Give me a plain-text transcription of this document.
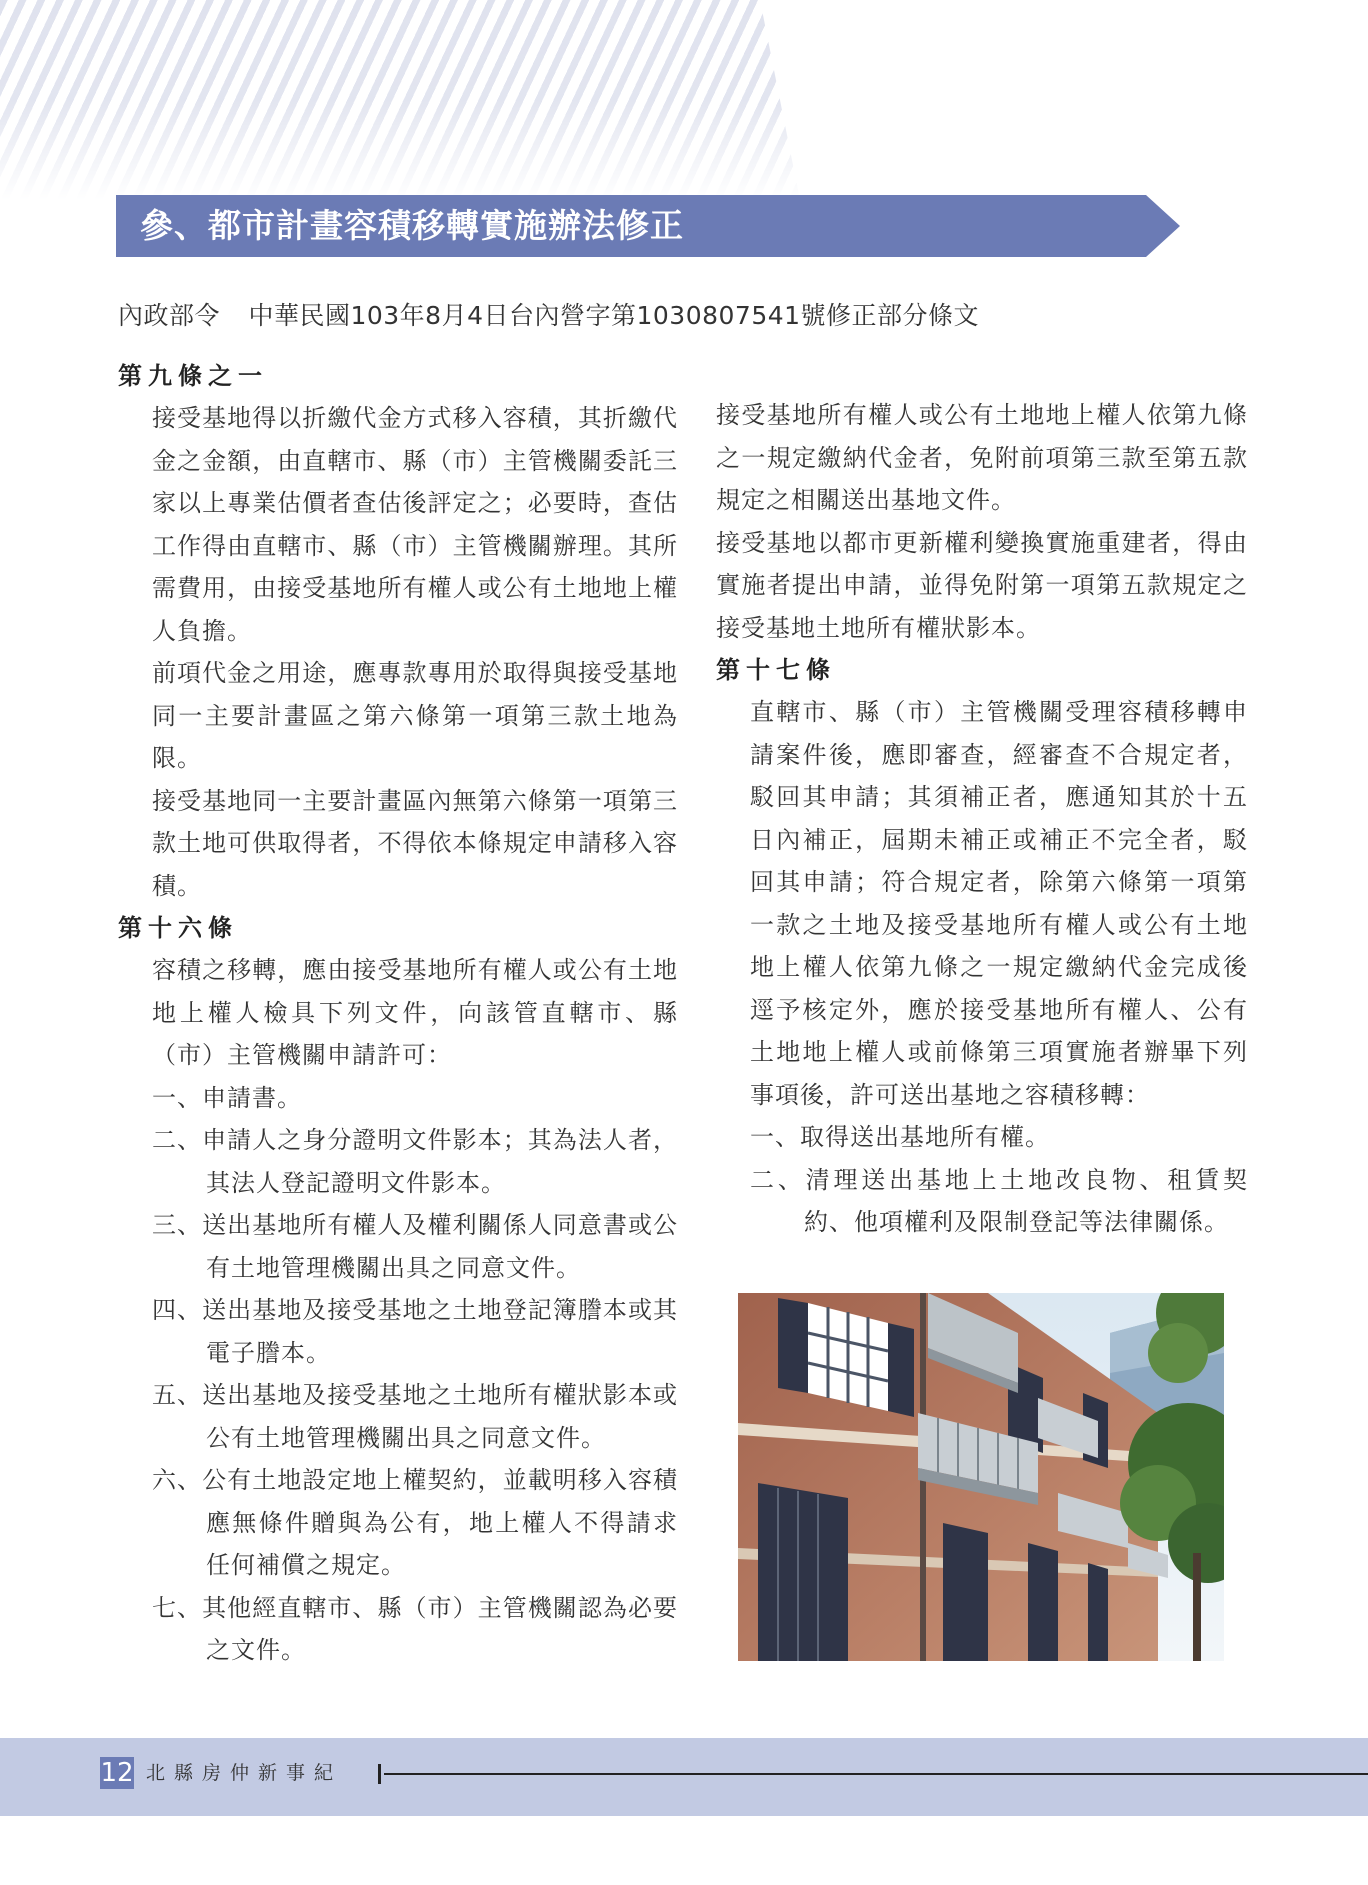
參、都市計畫容積移轉實施辦法修正
內政部令 中華民國103年8月4日台內營字第1030807541號修正部分條文
第九條之一

接受基地得以折繳代金方式移入容積，其折繳代金之金額，由直轄市、縣（市）主管機關委託三家以上專業估價者查估後評定之；必要時，查估工作得由直轄市、縣（市）主管機關辦理。其所需費用，由接受基地所有權人或公有土地地上權人負擔。

前項代金之用途，應專款專用於取得與接受基地同一主要計畫區之第六條第一項第三款土地為限。

接受基地同一主要計畫區內無第六條第一項第三款土地可供取得者，不得依本條規定申請移入容積。

第十六條

容積之移轉，應由接受基地所有權人或公有土地地上權人檢具下列文件，向該管直轄市、縣（市）主管機關申請許可：

一、申請書。

二、申請人之身分證明文件影本；其為法人者，其法人登記證明文件影本。

三、送出基地所有權人及權利關係人同意書或公有土地管理機關出具之同意文件。

四、送出基地及接受基地之土地登記簿謄本或其電子謄本。

五、送出基地及接受基地之土地所有權狀影本或公有土地管理機關出具之同意文件。

六、公有土地設定地上權契約，並載明移入容積應無條件贈與為公有，地上權人不得請求任何補償之規定。

七、其他經直轄市、縣（市）主管機關認為必要之文件。

接受基地所有權人或公有土地地上權人依第九條之一規定繳納代金者，免附前項第三款至第五款規定之相關送出基地文件。

接受基地以都市更新權利變換實施重建者，得由實施者提出申請，並得免附第一項第五款規定之接受基地土地所有權狀影本。

第十七條

直轄市、縣（市）主管機關受理容積移轉申請案件後，應即審查，經審查不合規定者，駁回其申請；其須補正者，應通知其於十五日內補正，屆期未補正或補正不完全者，駁回其申請；符合規定者，除第六條第一項第一款之土地及接受基地所有權人或公有土地地上權人依第九條之一規定繳納代金完成後逕予核定外，應於接受基地所有權人、公有土地地上權人或前條第三項實施者辦畢下列事項後，許可送出基地之容積移轉：

一、取得送出基地所有權。

二、清理送出基地上土地改良物、租賃契約、他項權利及限制登記等法律關係。

12 北縣房仲新事紀
